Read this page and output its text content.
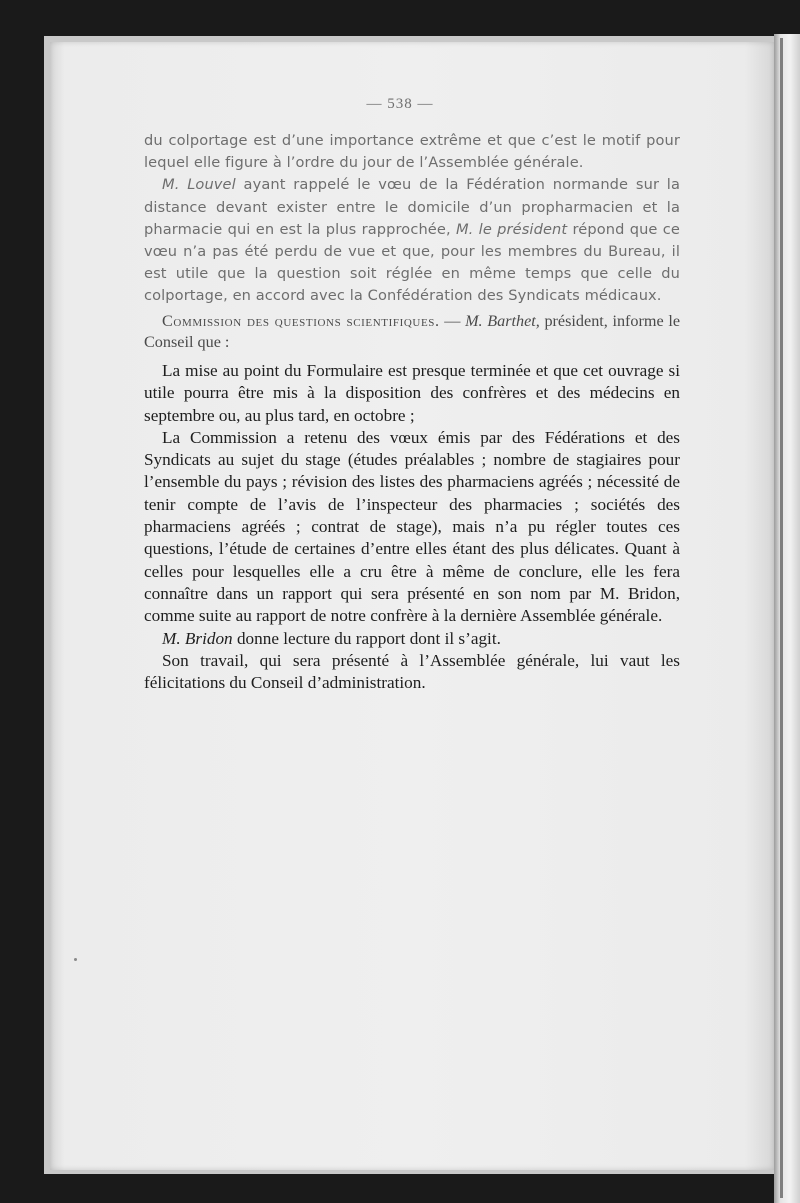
— 538 —

du colportage est d’une importance extrême et que c’est le motif pour lequel elle figure à l’ordre du jour de l’Assemblée générale.

M. Louvel ayant rappelé le vœu de la Fédération normande sur la distance devant exister entre le domicile d’un propharmacien et la pharmacie qui en est la plus rapprochée, M. le président répond que ce vœu n’a pas été perdu de vue et que, pour les membres du Bureau, il est utile que la question soit réglée en même temps que celle du colportage, en accord avec la Confédération des Syndicats médicaux.

Commission des questions scientifiques. — M. Barthet, président, informe le Conseil que :

La mise au point du Formulaire est presque terminée et que cet ouvrage si utile pourra être mis à la disposition des confrères et des médecins en septembre ou, au plus tard, en octobre ;

La Commission a retenu des vœux émis par des Fédérations et des Syndicats au sujet du stage (études préalables ; nombre de stagiaires pour l’ensemble du pays ; révision des listes des pharmaciens agréés ; nécessité de tenir compte de l’avis de l’inspecteur des pharmacies ; sociétés des pharmaciens agréés ; contrat de stage), mais n’a pu régler toutes ces questions, l’étude de certaines d’entre elles étant des plus délicates. Quant à celles pour lesquelles elle a cru être à même de conclure, elle les fera connaître dans un rapport qui sera présenté en son nom par M. Bridon, comme suite au rapport de notre confrère à la dernière Assemblée générale.

M. Bridon donne lecture du rapport dont il s’agit.

Son travail, qui sera présenté à l’Assemblée générale, lui vaut les félicitations du Conseil d’administration.
